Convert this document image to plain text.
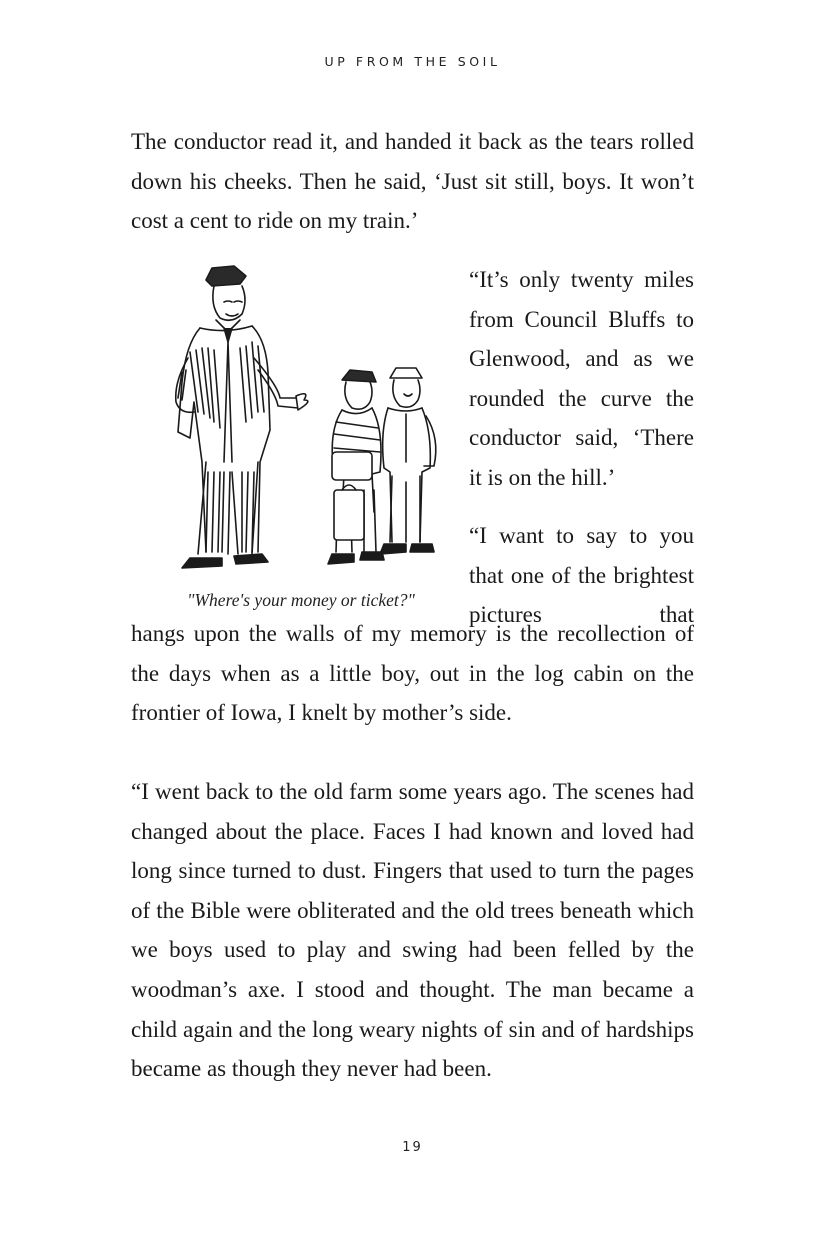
UP FROM THE SOIL

The conductor read it, and handed it back as the tears rolled down his cheeks. Then he said, ‘Just sit still, boys. It won’t cost a cent to ride on my train.’

"Where's your money or ticket?"

“It’s only twenty miles from Council Bluffs to Glenwood, and as we rounded the curve the conductor said, ‘There it is on the hill.’

“I want to say to you that one of the brightest pictures that

hangs upon the walls of my memory is the recollection of the days when as a little boy, out in the log cabin on the frontier of Iowa, I knelt by mother’s side.

“I went back to the old farm some years ago. The scenes had changed about the place. Faces I had known and loved had long since turned to dust. Fingers that used to turn the pages of the Bible were obliterated and the old trees beneath which we boys used to play and swing had been felled by the woodman’s axe. I stood and thought. The man became a child again and the long weary nights of sin and of hardships became as though they never had been.

19
